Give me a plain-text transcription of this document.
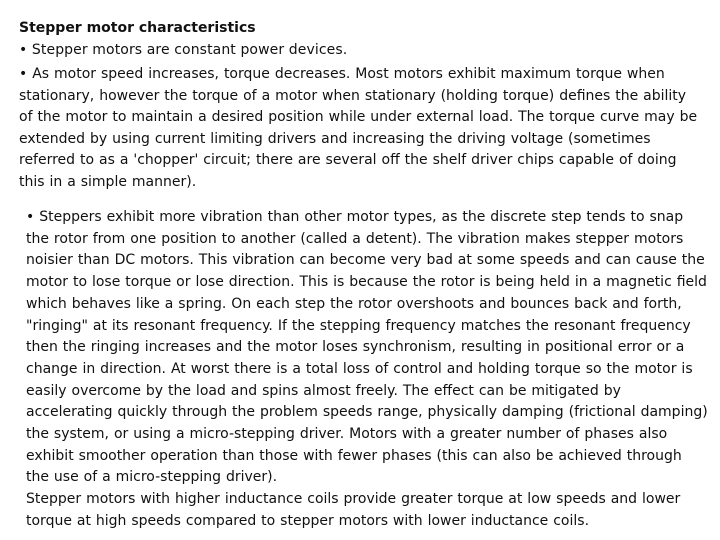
Stepper motor characteristics
• Stepper motors are constant power devices.
• As motor speed increases, torque decreases. Most motors exhibit maximum torque when stationary, however the torque of a motor when stationary (holding torque) defines the ability of the motor to maintain a desired position while under external load. The torque curve may be extended by using current limiting drivers and increasing the driving voltage (sometimes referred to as a 'chopper' circuit; there are several off the shelf driver chips capable of doing this in a simple manner).
• Steppers exhibit more vibration than other motor types, as the discrete step tends to snap the rotor from one position to another (called a detent). The vibration makes stepper motors noisier than DC motors. This vibration can become very bad at some speeds and can cause the motor to lose torque or lose direction. This is because the rotor is being held in a magnetic field which behaves like a spring. On each step the rotor overshoots and bounces back and forth, "ringing" at its resonant frequency. If the stepping frequency matches the resonant frequency then the ringing increases and the motor loses synchronism, resulting in positional error or a change in direction. At worst there is a total loss of control and holding torque so the motor is easily overcome by the load and spins almost freely. The effect can be mitigated by accelerating quickly through the problem speeds range, physically damping (frictional damping) the system, or using a micro-stepping driver. Motors with a greater number of phases also exhibit smoother operation than those with fewer phases (this can also be achieved through the use of a micro-stepping driver).
Stepper motors with higher inductance coils provide greater torque at low speeds and lower torque at high speeds compared to stepper motors with lower inductance coils.
